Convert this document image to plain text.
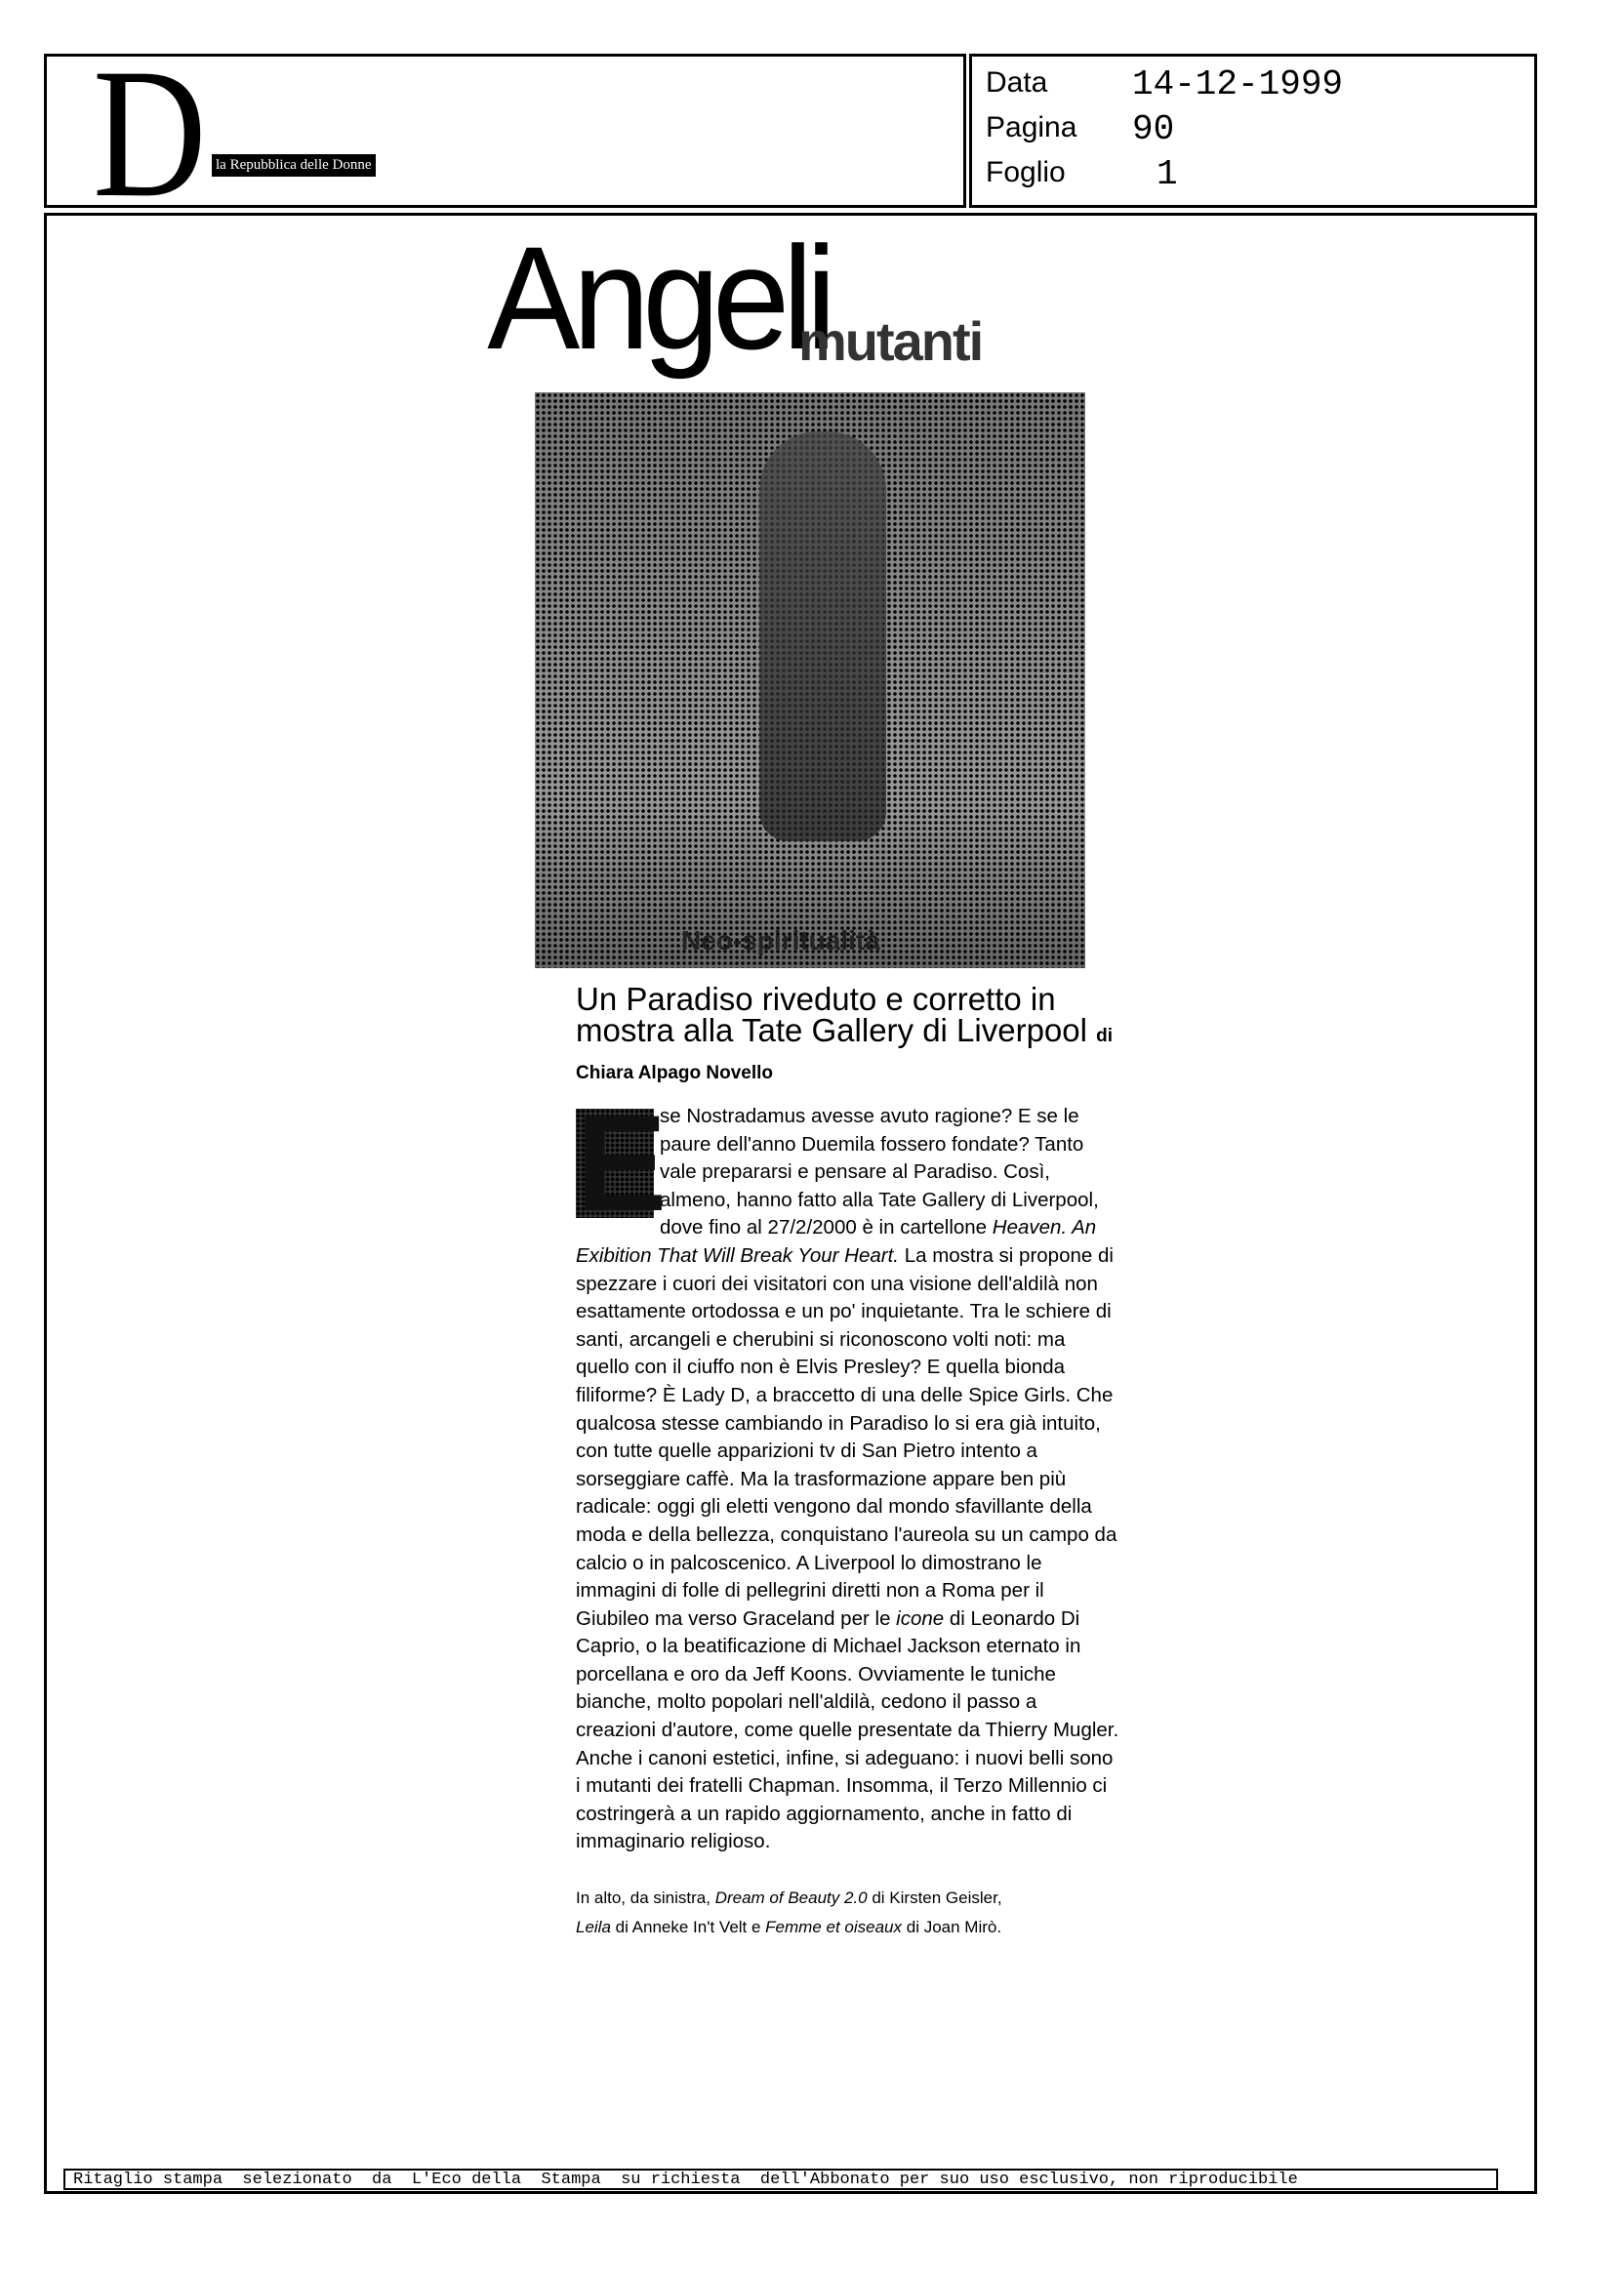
D la Repubblica delle Donne
Data 14-12-1999
Pagina 90
Foglio	1
Neo-spiritualità
Angeli
mutanti
Un Paradiso riveduto e corretto in mostra alla Tate Gallery di Liverpool di Chiara Alpago Novello
E
se Nostradamus avesse avuto ragione? E se le paure dell'anno Duemila fossero fondate? Tanto vale prepararsi e pensare al Paradiso. Così, almeno, hanno fatto alla Tate Gallery di Liverpool, dove fino al 27/2/2000 è in cartellone Heaven. An Exibition That Will Break Your Heart. La mostra si propone di spezzare i cuori dei visitatori con una visione dell'aldilà non esattamente ortodossa e un po' inquietante. Tra le schiere di santi, arcangeli e cherubini si riconoscono volti noti: ma quello con il ciuffo non è Elvis Presley? E quella bionda filiforme? È Lady D, a braccetto di una delle Spice Girls. Che qualcosa stesse cambiando in Paradiso lo si era già intuito, con tutte quelle apparizioni tv di San Pietro intento a sorseggiare caffè. Ma la trasformazione appare ben più radicale: oggi gli eletti vengono dal mondo sfavillante della moda e della bellezza, conquistano l'aureola su un campo da calcio o in palcoscenico. A Liverpool lo dimostrano le immagini di folle di pellegrini diretti non a Roma per il Giubileo ma verso Graceland per le icone di Leonardo Di Caprio, o la beatificazione di Michael Jackson eternato in porcellana e oro da Jeff Koons. Ovviamente le tuniche bianche, molto popolari nell'aldilà, cedono il passo a creazioni d'autore, come quelle presentate da Thierry Mugler. Anche i canoni estetici, infine, si adeguano: i nuovi belli sono i mutanti dei fratelli Chapman. Insomma, il Terzo Millennio ci costringerà a un rapido aggiornamento, anche in fatto di immaginario religioso.
In alto, da sinistra, Dream of Beauty 2.0 di Kirsten Geisler,
Leila di Anneke In't Velt e Femme et oiseaux di Joan Mirò.
Ritaglio stampa  selezionato  da  L'Eco della  Stampa  su richiesta  dell'Abbonato per suo uso esclusivo, non riproducibile
